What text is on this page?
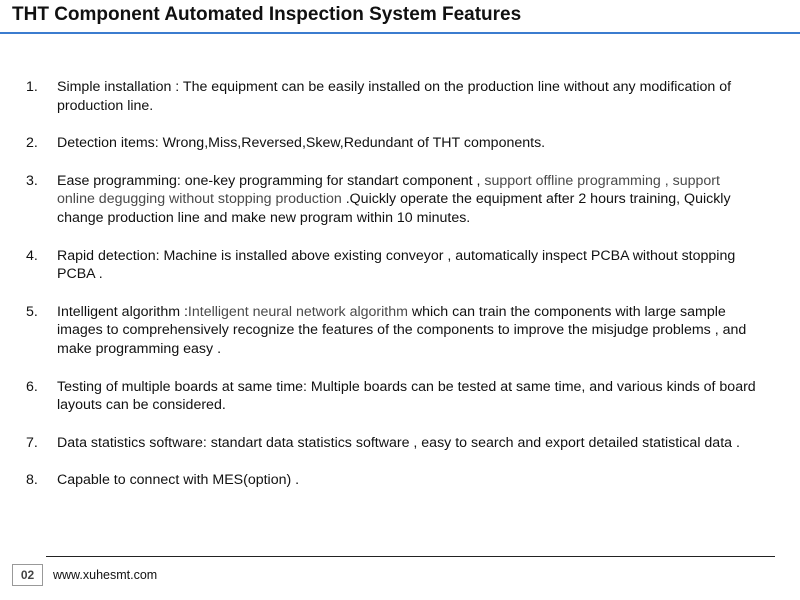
THT Component Automated Inspection System Features
1.	Simple installation : The equipment can be easily installed on the production line without any modification of production line.
2.	Detection items: Wrong,Miss,Reversed,Skew,Redundant of THT components.
3.	Ease programming: one-key programming for standart component , support offline programming , support online degugging without stopping production .Quickly operate the equipment after 2 hours training, Quickly change production line and make new program within 10 minutes.
4.	Rapid detection: Machine is installed above existing conveyor , automatically inspect PCBA without stopping PCBA .
5.	Intelligent algorithm :Intelligent neural network algorithm which can train the components with large sample images to comprehensively recognize the features of the components to improve the misjudge problems , and make programming easy .
6.	Testing of multiple boards at same time: Multiple boards can be tested at same time, and various kinds of board layouts can be considered.
7.	Data statistics software: standart data statistics software , easy to search and export detailed statistical data .
8.	Capable to connect with MES(option) .
02	www.xuhesmt.com
